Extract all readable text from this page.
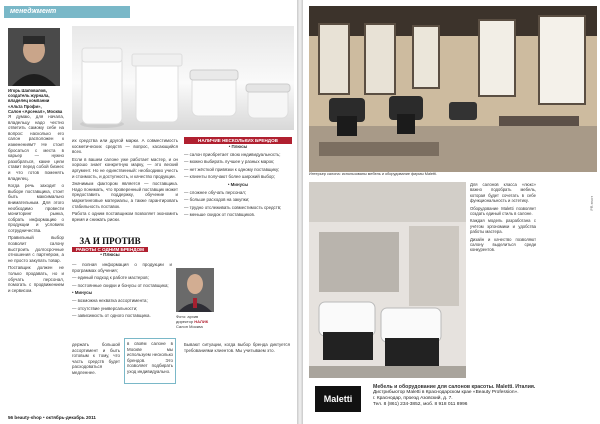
менеджмент
Игорь Шаповалов,
создатель журнала, владелец компании «Альта Профи»,
Салон «Арсенал», Москва

Я думаю, для начала, владельцу надо честно ответить самому себе на вопрос: насколько его салон расположен к изменениям? Не стоит бросаться с места в карьер — нужно разобраться, какие цели ставит перед собой бизнес и что готов поменять владелец.

Когда речь заходит о выборе поставщика, стоит быть максимально внимательным. Для этого необходимо провести мониторинг рынка, собрать информацию о продукции и условиях сотрудничества.

Правильный выбор позволит салону выстроить долгосрочные отношения с партнёром, а не просто закупать товар.

Поставщик должен не только продавать, но и обучать персонал, помогать с продвижением и сервисом.

их средства или другой марки. А совместимость косметических средств — вопрос, касающийся всех.

Если в вашем салоне уже работает мастер, и он хорошо знает конкретную марку, — это веский аргумент. Но не единственный: необходимо учесть и стоимость, и доступность, и качество продукции.

Значимым фактором является — поставщика. Надо понимать, что проверенный поставщик может предоставить поддержку, обучение и маркетинговые материалы, а также гарантировать стабильность поставок.

Работа с одним поставщиком позволяет экономить время и снижать риски.

ЗА И ПРОТИВ
РАБОТЫ С ОДНИМ БРЕНДОМ
• Плюсы

— полная информация о продукции и программах обучения;

— единый подход к работе мастеров;

— постоянные скидки и бонусы от поставщика;

• Минусы

— возможна нехватка ассортимента;

— отсутствие универсальности;

— зависимость от одного поставщика.

НАЛИЧИЕ НЕСКОЛЬКИХ БРЕНДОВ

• Плюсы

— салон приобретает свою индивидуальность;

— можно выбирать лучшее у разных марок;

— нет жёсткой привязки к одному поставщику;

— клиенты получают более широкий выбор;

• Минусы

— сложнее обучать персонал;

— больше расходов на закупки;

— трудно отслеживать совместимость средств;

— меньше скидок от поставщиков.

Фото: архив
директор НАЛИК
Салон Москва

держать большой ассортимент и быть готовым к тому, что часть средств будет расходоваться медленнее.

в своём салоне в Москве мы используем несколько брендов. Это позволяет подбирать уход индивидуально.

Бывают ситуации, когда выбор бренда диктуется требованиями клиентов. Мы учитываем это.

56 beauty-shop • октябрь-декабрь 2011
Интерьер салона: использованы мебель и оборудование фирмы Maletti.

Для салонов класса «люкс» важно подобрать мебель, которая будет сочетать в себе функциональность и эстетику.

Оборудование Maletti позволяет создать единый стиль в салоне.

Каждая модель разработана с учётом эргономики и удобства работы мастера.

Дизайн и качество позволяют салону выделиться среди конкурентов.

PR-текст
Maletti
Мебель и оборудование для салонов красоты. Maletti. Италия.
Дистрибьютор Maletti в Краснодарском крае «Beauty Profession».
г. Краснодар, проезд Азовский, д. 7.
Тел. 8 (861) 234-3852, моб. 8 918 011 8996
